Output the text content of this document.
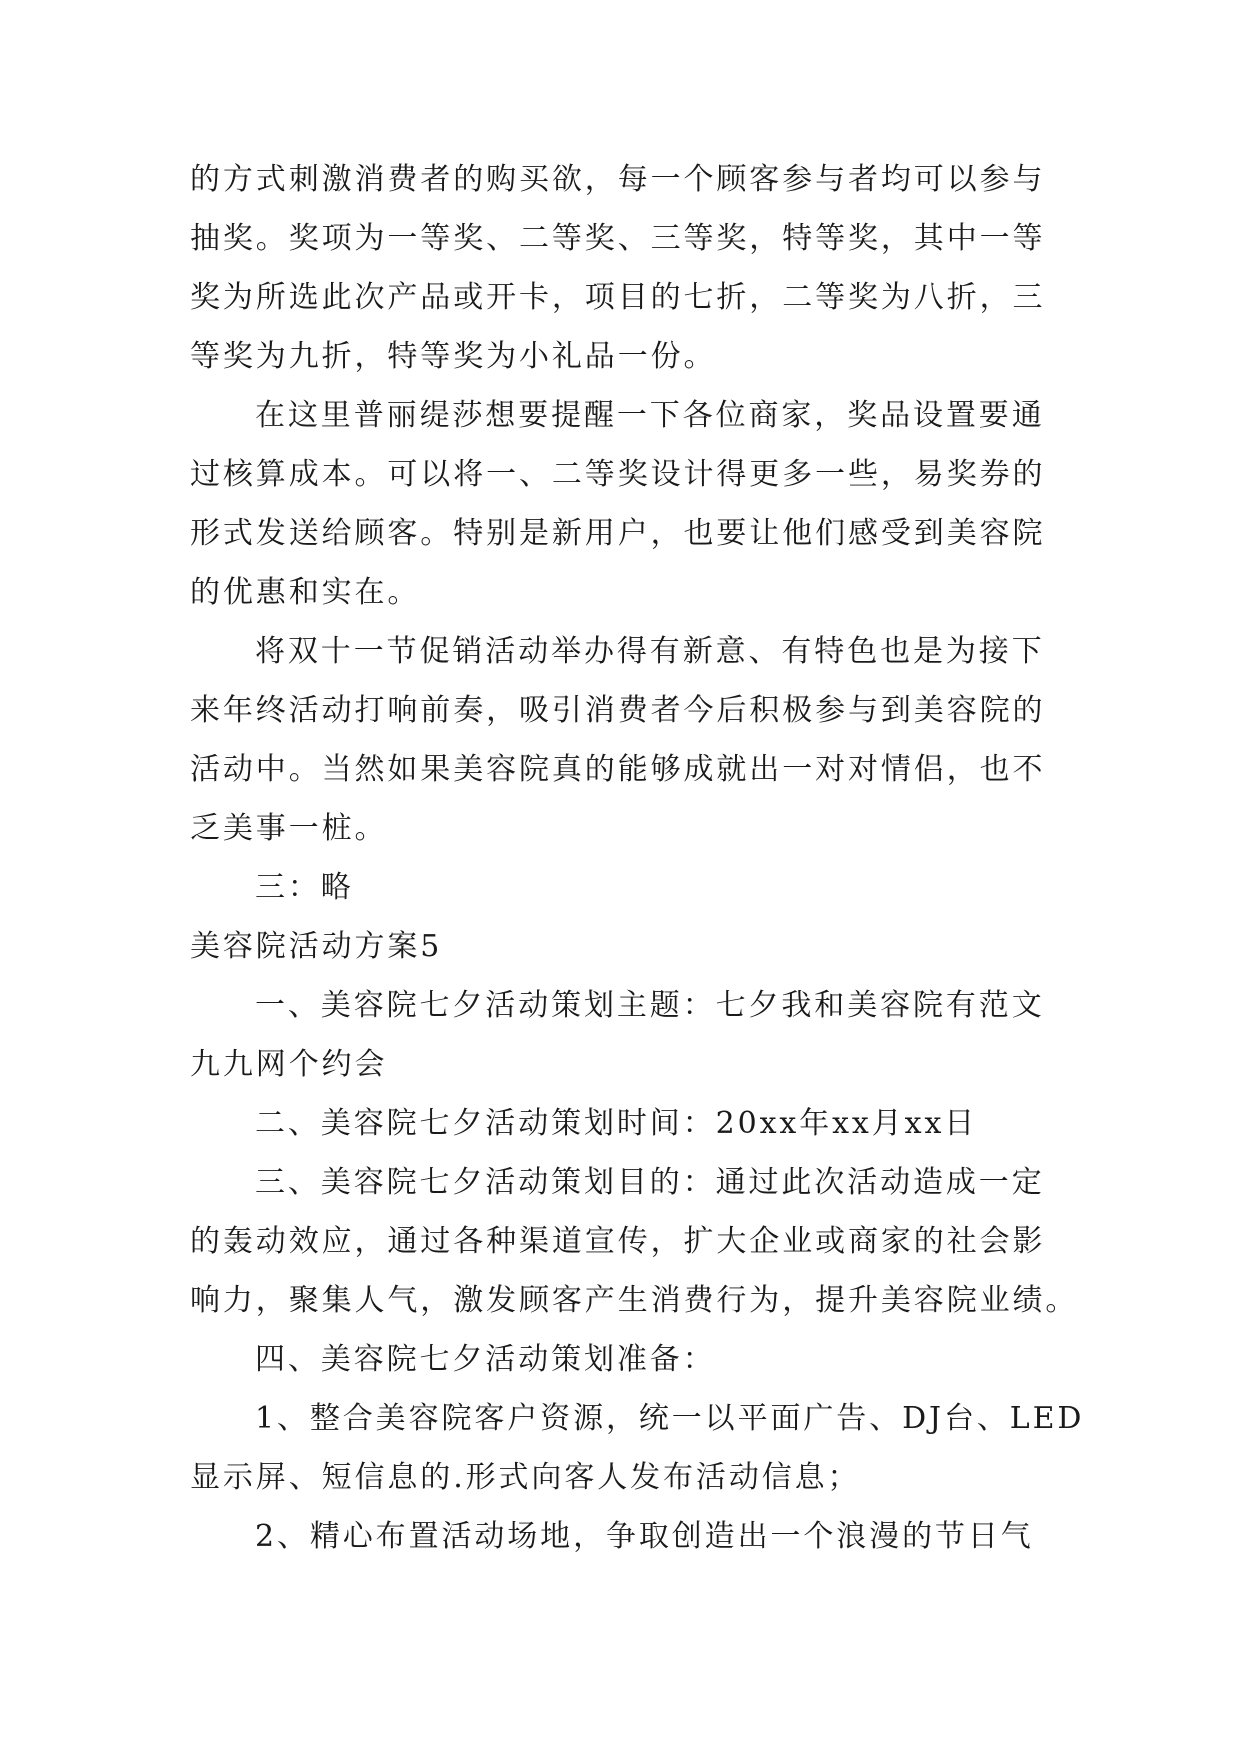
的方式刺激消费者的购买欲，每一个顾客参与者均可以参与
抽奖。奖项为一等奖、二等奖、三等奖，特等奖，其中一等
奖为所选此次产品或开卡，项目的七折，二等奖为八折，三
等奖为九折，特等奖为小礼品一份。
在这里普丽缇莎想要提醒一下各位商家，奖品设置要通
过核算成本。可以将一、二等奖设计得更多一些，易奖券的
形式发送给顾客。特别是新用户，也要让他们感受到美容院
的优惠和实在。
将双十一节促销活动举办得有新意、有特色也是为接下
来年终活动打响前奏，吸引消费者今后积极参与到美容院的
活动中。当然如果美容院真的能够成就出一对对情侣，也不
乏美事一桩。
三：略
美容院活动方案5
一、美容院七夕活动策划主题：七夕我和美容院有范文
九九网个约会
二、美容院七夕活动策划时间：20xx年xx月xx日
三、美容院七夕活动策划目的：通过此次活动造成一定
的轰动效应，通过各种渠道宣传，扩大企业或商家的社会影
响力，聚集人气，激发顾客产生消费行为，提升美容院业绩。
四、美容院七夕活动策划准备：
1、整合美容院客户资源，统一以平面广告、DJ台、LED
显示屏、短信息的.形式向客人发布活动信息；
2、精心布置活动场地，争取创造出一个浪漫的节日气
